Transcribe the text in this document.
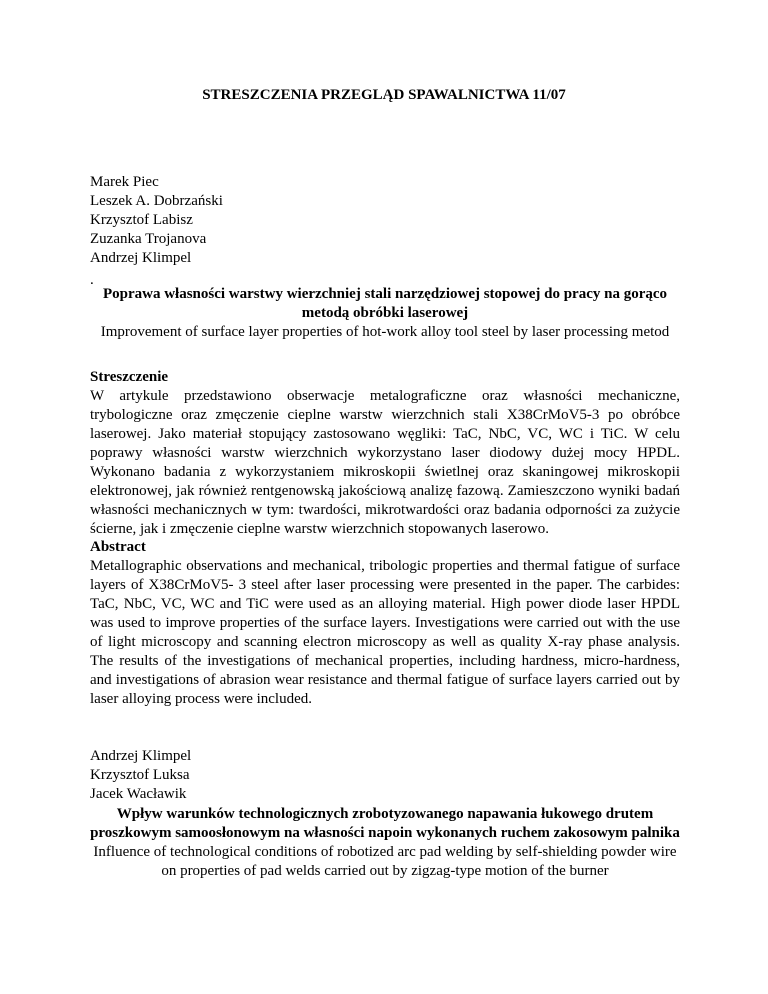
STRESZCZENIA PRZEGLĄD SPAWALNICTWA 11/07
Marek Piec
Leszek A. Dobrzański
Krzysztof Labisz
Zuzanka Trojanova
Andrzej Klimpel
.
Poprawa własności warstwy wierzchniej stali narzędziowej stopowej do pracy na gorąco metodą obróbki laserowej
Improvement of surface layer properties of hot-work alloy tool steel by laser processing metod
Streszczenie
W artykule przedstawiono obserwacje metalograficzne oraz własności mechaniczne, trybologiczne oraz zmęczenie cieplne warstw wierzchnich stali X38CrMoV5-3 po obróbce laserowej. Jako materiał stopujący zastosowano węgliki: TaC, NbC, VC, WC i TiC. W celu poprawy własności warstw wierzchnich wykorzystano laser diodowy dużej mocy HPDL. Wykonano badania z wykorzystaniem mikroskopii świetlnej oraz skaningowej mikroskopii elektronowej, jak również rentgenowską jakościową analizę fazową. Zamieszczono wyniki badań własności mechanicznych w tym: twardości, mikrotwardości oraz badania odporności za zużycie ścierne, jak i zmęczenie cieplne warstw wierzchnich stopowanych laserowo.
Abstract
Metallographic observations and mechanical, tribologic properties and thermal fatigue of surface layers of X38CrMoV5- 3 steel after laser processing were presented in the paper. The carbides: TaC, NbC, VC, WC and TiC were used as an alloying material. High power diode laser HPDL was used to improve properties of the surface layers. Investigations were carried out with the use of light microscopy and scanning electron microscopy as well as quality X-ray phase analysis. The results of the investigations of mechanical properties, including hardness, micro-hardness, and investigations of abrasion wear resistance and thermal fatigue of surface layers carried out by laser alloying process were included.
Andrzej Klimpel
Krzysztof Luksa
Jacek Wacławik
Wpływ warunków technologicznych zrobotyzowanego napawania łukowego drutem proszkowym samoosłonowym na własności napoin wykonanych ruchem zakosowym palnika
Influence of technological conditions of robotized arc pad welding by self-shielding powder wire on properties of pad welds carried out by zigzag-type motion of the burner
